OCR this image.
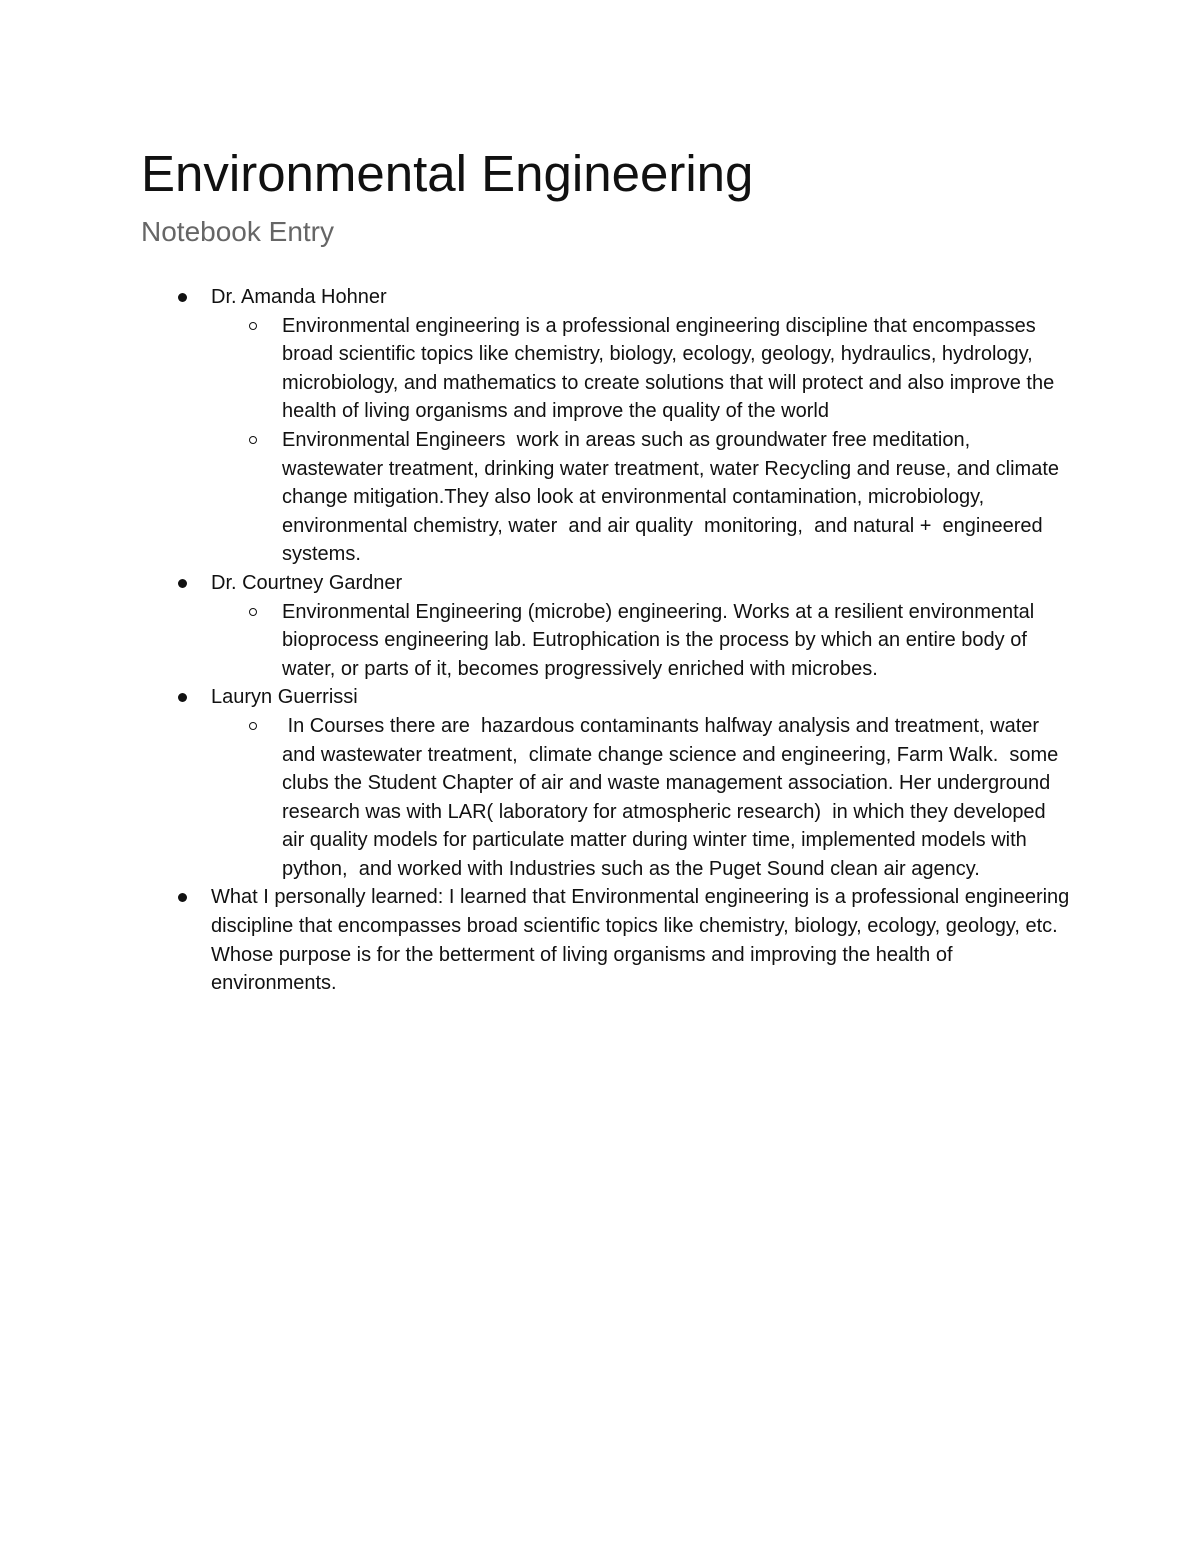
Environmental Engineering
Notebook Entry
Dr. Amanda Hohner
Environmental engineering is a professional engineering discipline that encompasses broad scientific topics like chemistry, biology, ecology, geology, hydraulics, hydrology, microbiology, and mathematics to create solutions that will protect and also improve the health of living organisms and improve the quality of the world
Environmental Engineers  work in areas such as groundwater free meditation, wastewater treatment, drinking water treatment, water Recycling and reuse, and climate change mitigation.They also look at environmental contamination, microbiology, environmental chemistry, water  and air quality  monitoring,  and natural +  engineered systems.
Dr. Courtney Gardner
Environmental Engineering (microbe) engineering. Works at a resilient environmental bioprocess engineering lab. Eutrophication is the process by which an entire body of water, or parts of it, becomes progressively enriched with microbes.
Lauryn Guerrissi
In Courses there are  hazardous contaminants halfway analysis and treatment, water and wastewater treatment,  climate change science and engineering, Farm Walk.  some clubs the Student Chapter of air and waste management association. Her underground research was with LAR( laboratory for atmospheric research)  in which they developed air quality models for particulate matter during winter time, implemented models with python,  and worked with Industries such as the Puget Sound clean air agency.
What I personally learned: I learned that Environmental engineering is a professional engineering discipline that encompasses broad scientific topics like chemistry, biology, ecology, geology, etc. Whose purpose is for the betterment of living organisms and improving the health of environments.
